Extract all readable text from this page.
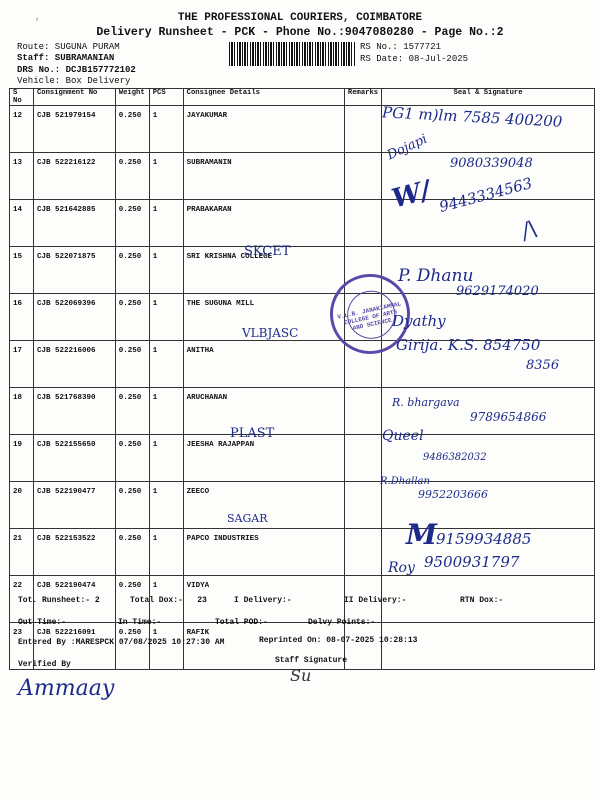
‘	THE PROFESSIONAL COURIERS, COIMBATORE
Delivery Runsheet - PCK - Phone No.:9047080280 - Page No.:2
Route: SUGUNA PURAM
Staff: SUBRAMANIAN
DRS No.: DCJB157772102
Vehicle: Box Delivery
RS No.: 1577721
RS Date: 08-Jul-2025
S No	Consignment No	Weight	PCS	Consignee Details	Remarks	Seal & Signature
12	CJB 521979154	0.250	1	JAYAKUMAR		
13	CJB 522216122	0.250	1	SUBRAMANIN		
14	CJB 521642885	0.250	1	PRABAKARAN		
15	CJB 522071875	0.250	1	SRI KRISHNA COLLEGE		
16	CJB 522069396	0.250	1	THE SUGUNA MILL		
17	CJB 522216006	0.250	1	ANITHA		
18	CJB 521768390	0.250	1	ARUCHANAN		
19	CJB 522155650	0.250	1	JEESHA RAJAPPAN		
20	CJB 522190477	0.250	1	ZEECO		
21	CJB 522153522	0.250	1	PAPCO INDUSTRIES		
22	CJB 522190474	0.250	1	VIDYA		
23	CJB 522216091	0.250	1	RAFIK		
V.L.B. JANAKIAMMAL COLLEGE OF ARTS AND SCIENCE
PG1 m)lm 7585 400200
Dojapi
9080339048
W/ 9443334563
SKCET
/\
P. Dhanu
9629174020
VLBJASC
Dyathy
Girija. K.S. 854750
8356
R. bhargava
9789654866
PLAST	Queel
9486382032
R.Dhallan
9952203666
SAGAR	M 9159934885
Roy 9500931797
Tot. Runsheet:- 2	Total Dox:-   23	I Delivery:-	II Delivery:-	RTN Dox:-
Out Time:-	In Time:-	Total POD:-	Delvy Points:-
Entered By :MARESPCK 07/08/2025 10:27:30 AM	Reprinted On: 08-07-2025 10:28:13
Verified By	Staff Signature
Ammaay
Su
